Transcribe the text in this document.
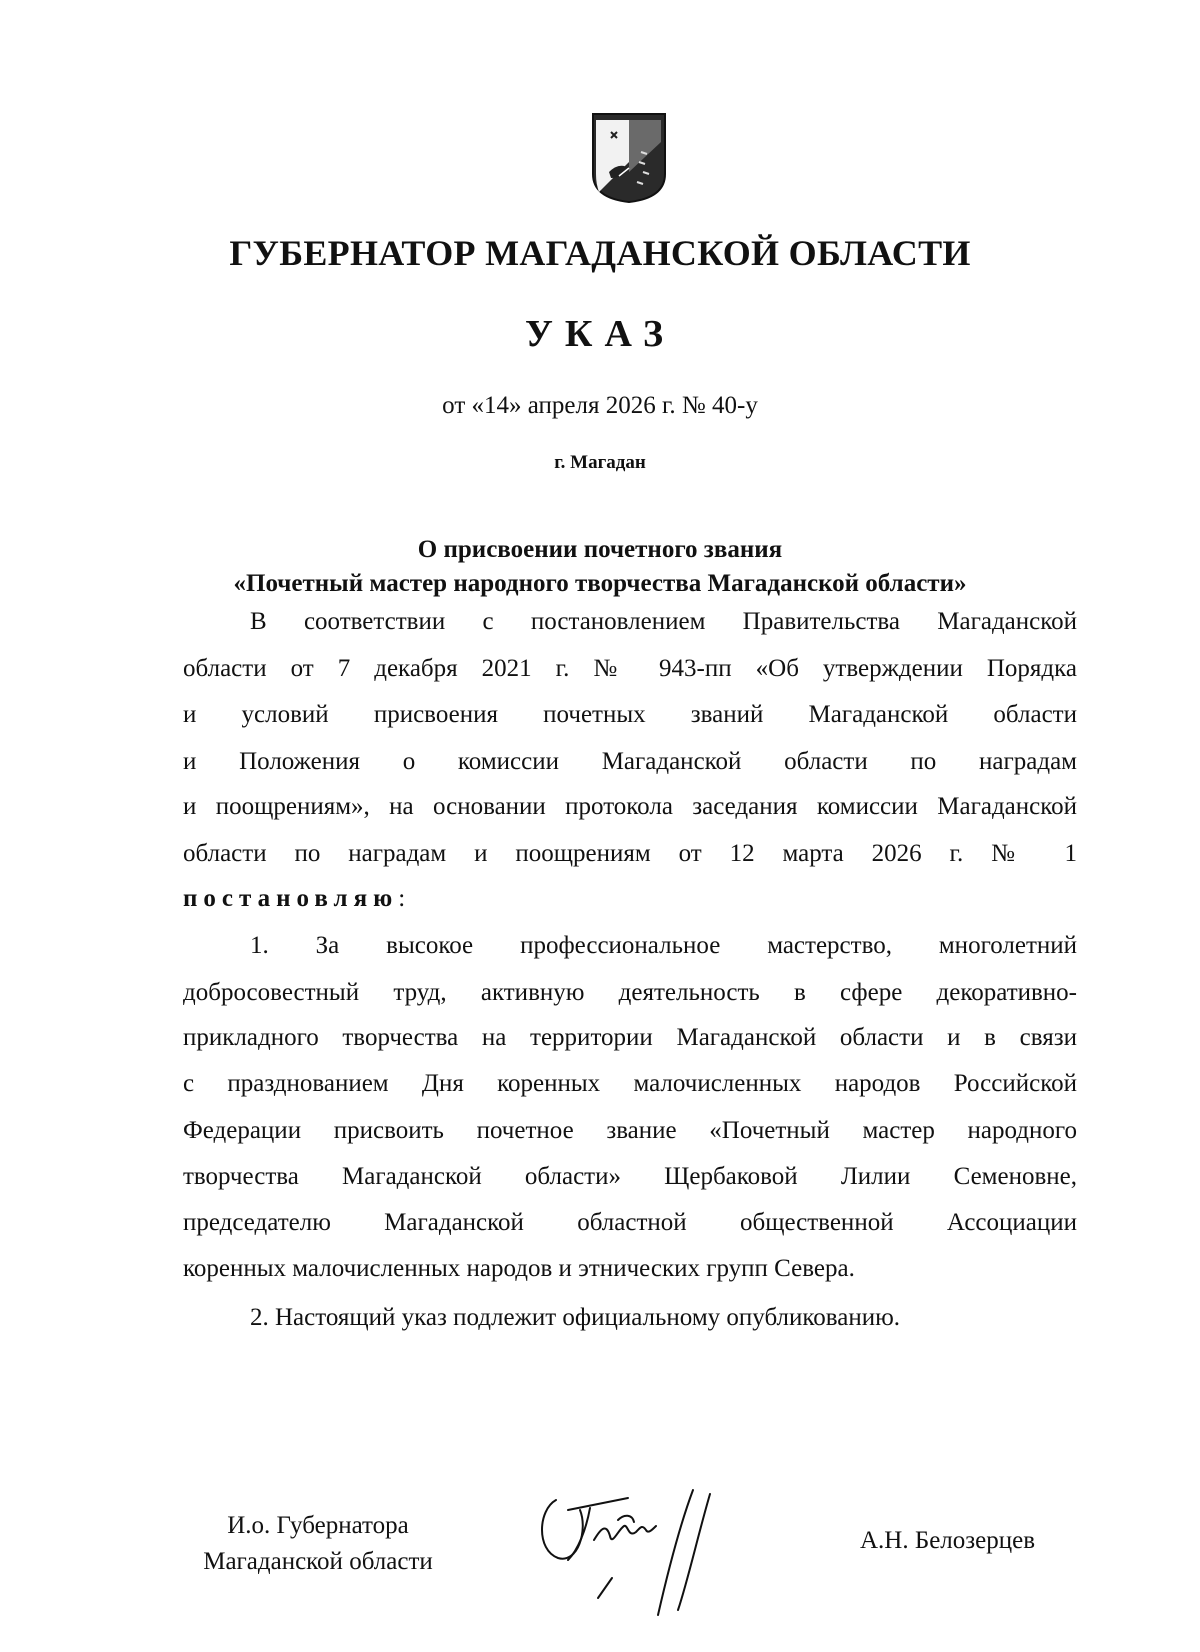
ГУБЕРНАТОР МАГАДАНСКОЙ ОБЛАСТИ
УКАЗ
от «14» апреля 2026 г. № 40-у
г. Магадан
О присвоении почетного звания
«Почетный мастер народного творчества Магаданской области»
В соответствии с постановлением Правительства Магаданской
области от 7 декабря 2021 г. № 943-пп «Об утверждении Порядка
и условий присвоения почетных званий Магаданской области
и Положения о комиссии Магаданской области по наградам
и поощрениям», на основании протокола заседания комиссии Магаданской
области по наградам и поощрениям от 12 марта 2026 г. № 1
постановляю:
1. За высокое профессиональное мастерство, многолетний
добросовестный труд, активную деятельность в сфере декоративно-
прикладного творчества на территории Магаданской области и в связи
с празднованием Дня коренных малочисленных народов Российской
Федерации присвоить почетное звание «Почетный мастер народного
творчества Магаданской области» Щербаковой Лилии Семеновне,
председателю Магаданской областной общественной Ассоциации
коренных малочисленных народов и этнических групп Севера.
2. Настоящий указ подлежит официальному опубликованию.
И.о. Губернатора
Магаданской области
А.Н. Белозерцев
